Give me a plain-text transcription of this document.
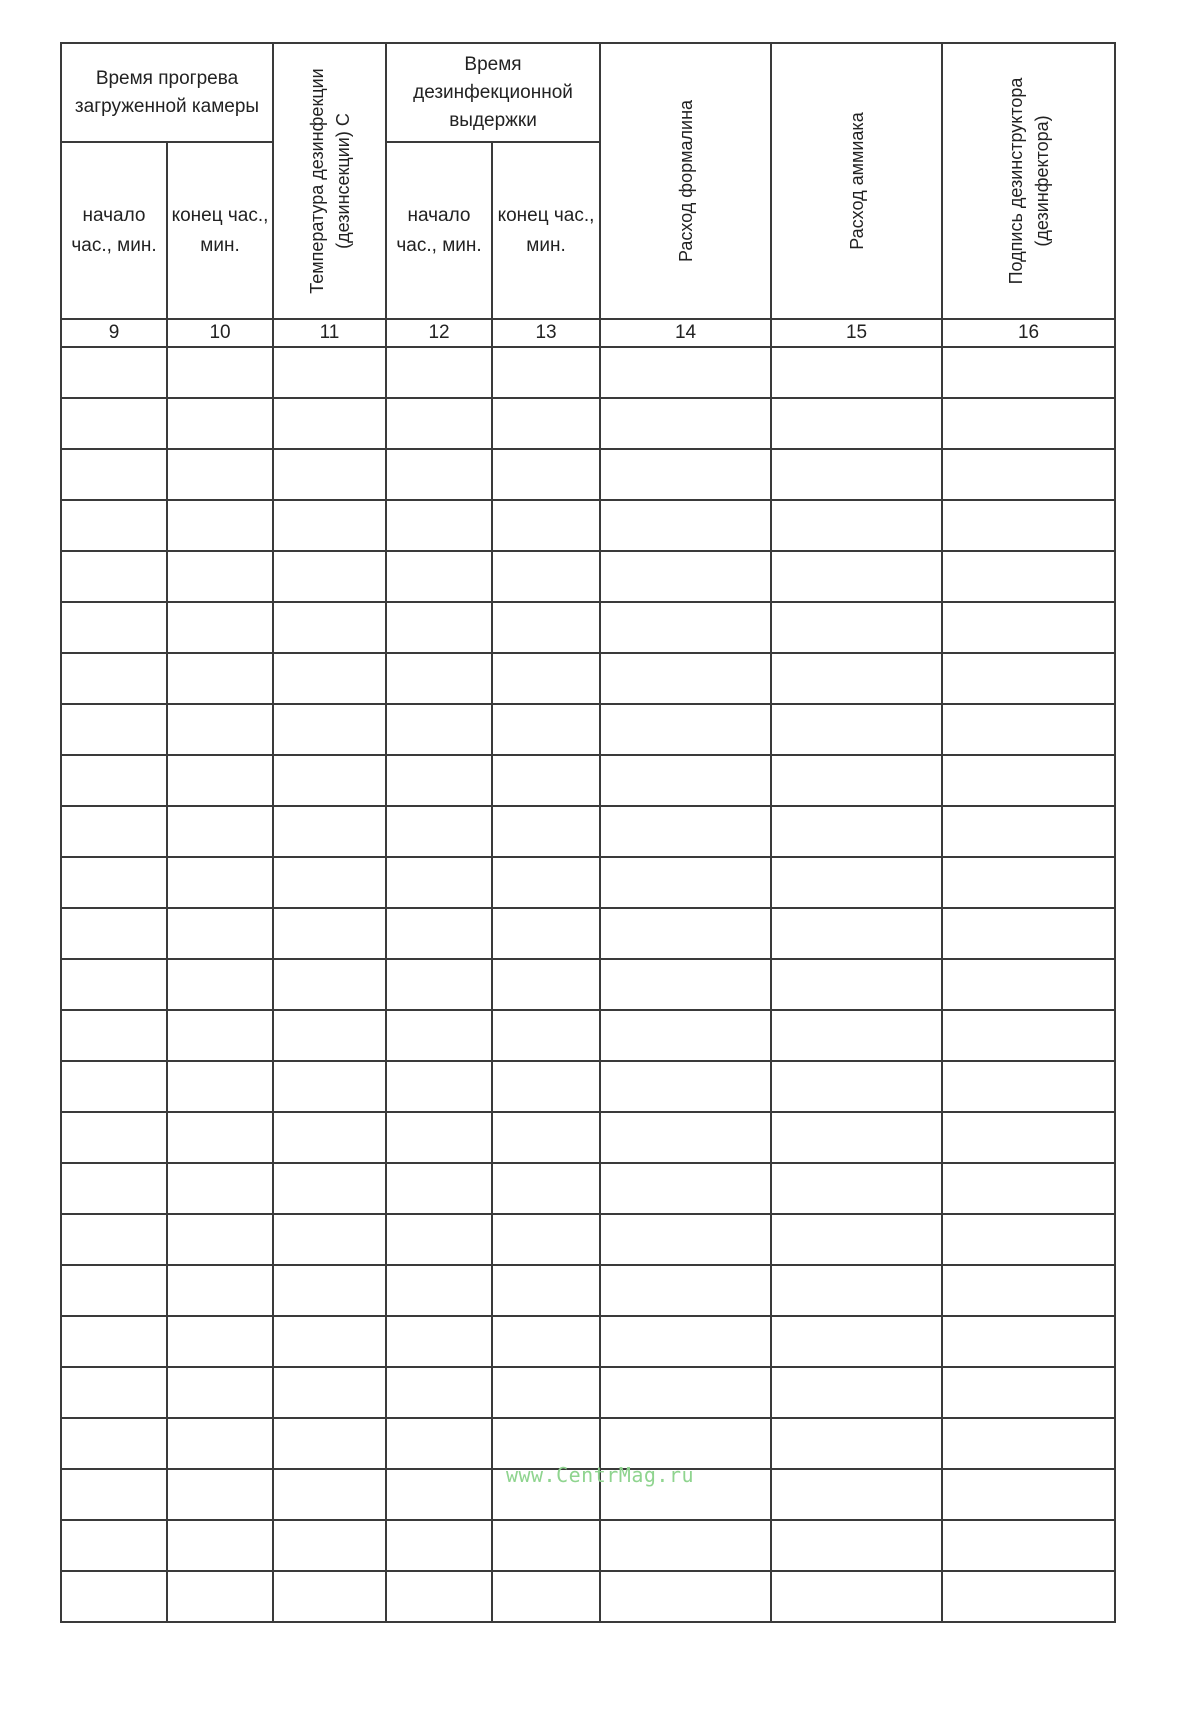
Время прогрева загруженной камеры		Температура дезинфекции (дезинсекции) С	Время дезинфекционной выдержки		Расход формалина	Расход аммиака	Подпись дезинструктора (дезинфектора)

начало час., мин.	конец час., мин.		начало час., мин.	конец час., мин.			
9	10	11	12	13	14	15	16

www.CentrMag.ru
